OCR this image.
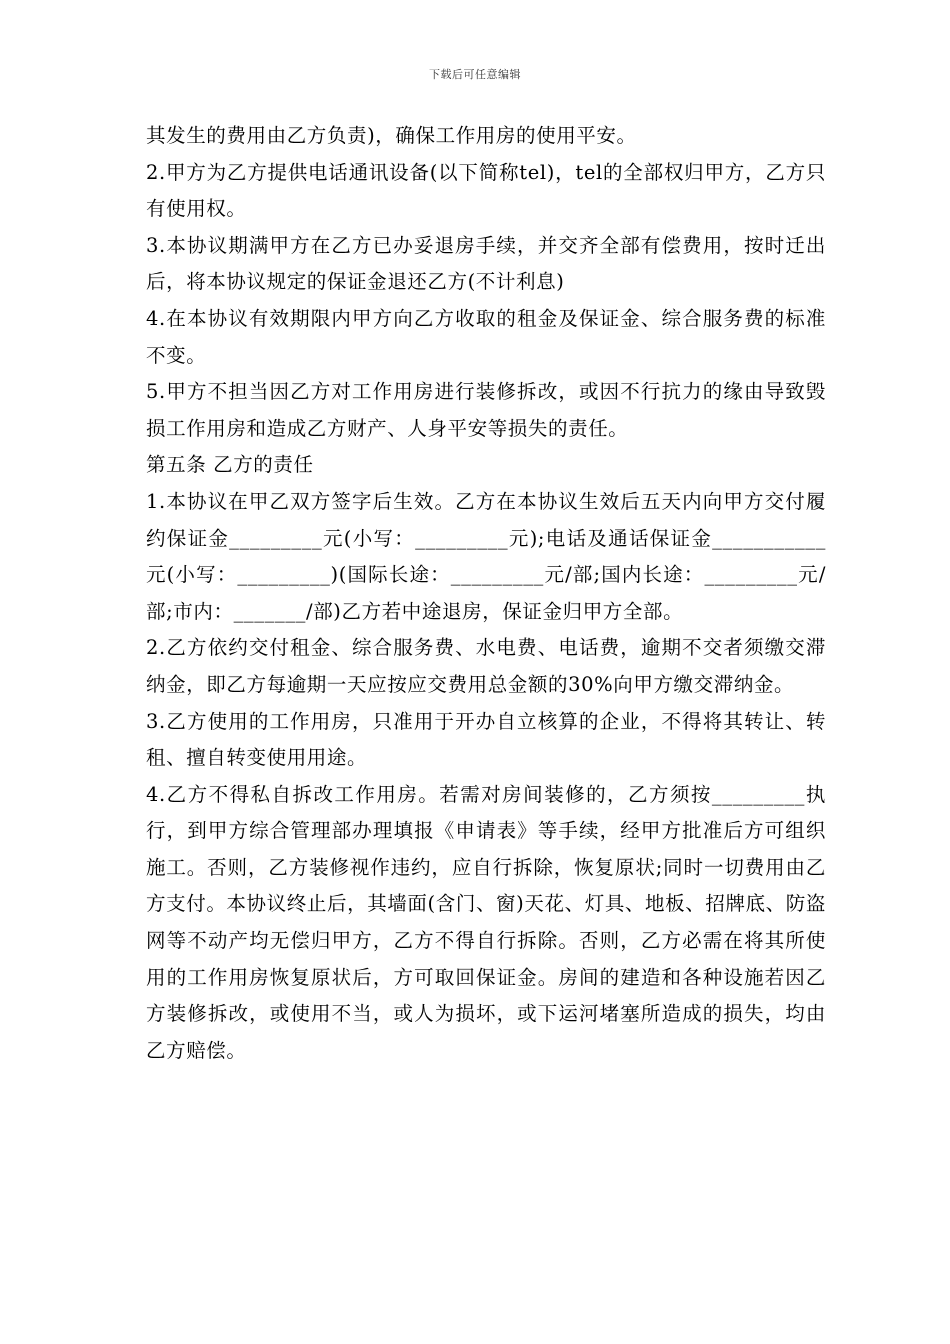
下载后可任意编辑

其发生的费用由乙方负责)，确保工作用房的使用平安。

2.甲方为乙方提供电话通讯设备(以下简称tel)，tel的全部权归甲方，乙方只有使用权。

3.本协议期满甲方在乙方已办妥退房手续，并交齐全部有偿费用，按时迁出后，将本协议规定的保证金退还乙方(不计利息)

4.在本协议有效期限内甲方向乙方收取的租金及保证金、综合服务费的标准不变。

5.甲方不担当因乙方对工作用房进行装修拆改，或因不行抗力的缘由导致毁损工作用房和造成乙方财产、人身平安等损失的责任。

第五条 乙方的责任

1.本协议在甲乙双方签字后生效。乙方在本协议生效后五天内向甲方交付履约保证金_________元(小写：_________元);电话及通话保证金___________元(小写：_________)(国际长途：_________元/部;国内长途：_________元/部;市内：_______/部)乙方若中途退房，保证金归甲方全部。

2.乙方依约交付租金、综合服务费、水电费、电话费，逾期不交者须缴交滞纳金，即乙方每逾期一天应按应交费用总金额的30%向甲方缴交滞纳金。

3.乙方使用的工作用房，只准用于开办自立核算的企业，不得将其转让、转租、擅自转变使用用途。

4.乙方不得私自拆改工作用房。若需对房间装修的，乙方须按_________执行，到甲方综合管理部办理填报《申请表》等手续，经甲方批准后方可组织施工。否则，乙方装修视作违约，应自行拆除，恢复原状;同时一切费用由乙方支付。本协议终止后，其墙面(含门、窗)天花、灯具、地板、招牌底、防盗网等不动产均无偿归甲方，乙方不得自行拆除。否则，乙方必需在将其所使用的工作用房恢复原状后，方可取回保证金。房间的建造和各种设施若因乙方装修拆改，或使用不当，或人为损坏，或下运河堵塞所造成的损失，均由乙方赔偿。
